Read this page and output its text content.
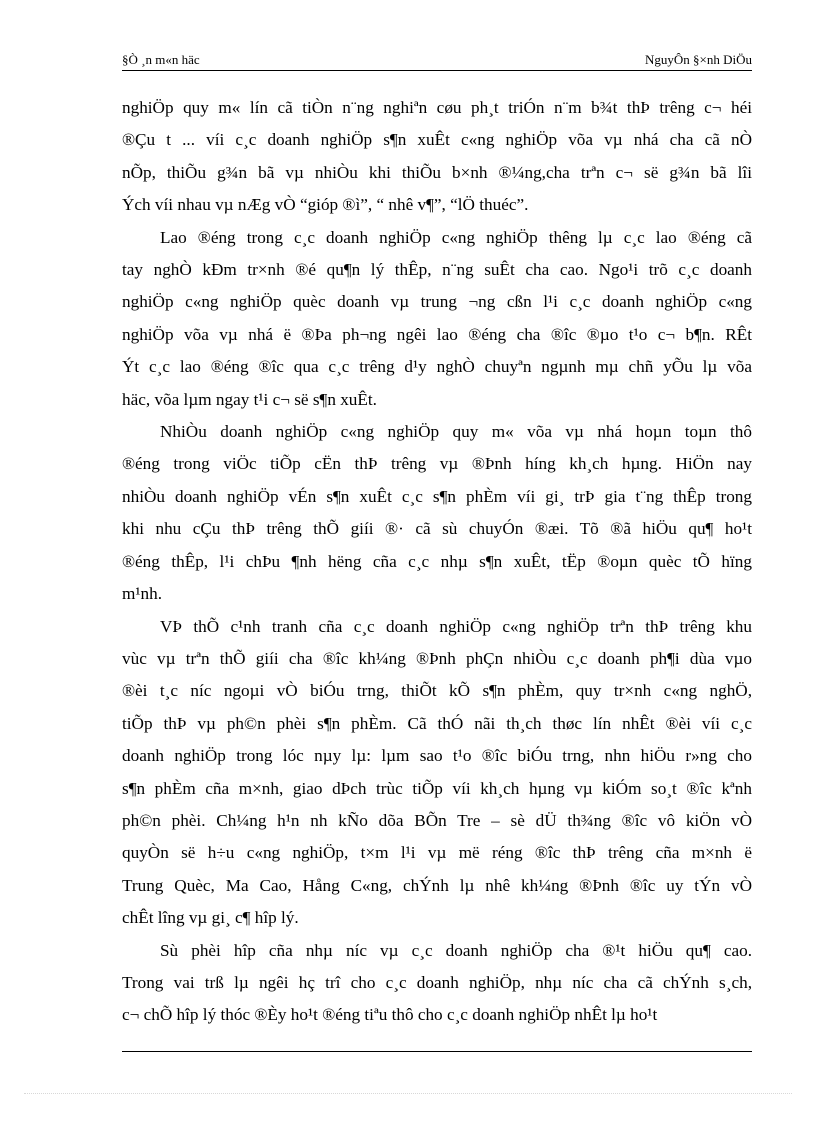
§Ò ¸n m«n häc	NguyÔn §×nh DiÖu
nghiÖp quy m« lín cã tiÒn n¨ng nghiªn cøu ph¸t triÓn n¨m b¾t thÞ trêng c¬ héi
®Çu t ... víi c¸c doanh nghiÖp s¶n xuÊt c«ng nghiÖp võa vµ nhá cha cã nÒ
nÕp, thiÕu g¾n bã vµ nhiÒu khi thiÕu b×nh ®¼ng,cha trªn c¬ së g¾n bã lîi
Ých víi nhau vµ nÆg vÒ “gióp ®ì”, “ nhê v¶”, “lÖ thuéc”.
Lao ®éng trong c¸c doanh nghiÖp c«ng nghiÖp thêng lµ c¸c lao ®éng cã
tay nghÒ kÐm tr×nh ®é qu¶n lý thÊp, n¨ng suÊt cha cao. Ngo¹i trõ c¸c doanh
nghiÖp c«ng nghiÖp quèc doanh vµ trung ¬ng cßn l¹i c¸c doanh nghiÖp c«ng
nghiÖp võa vµ nhá ë ®Þa ph¬ng ngêi lao ®éng cha ®îc ®µo t¹o c¬ b¶n. RÊt
Ýt c¸c lao ®éng ®îc qua c¸c trêng d¹y nghÒ chuyªn ngµnh mµ chñ yÕu lµ võa
häc, võa lµm ngay t¹i c¬ së s¶n xuÊt.
NhiÒu doanh nghiÖp c«ng nghiÖp quy m« võa vµ nhá hoµn toµn thô
®éng trong viÖc tiÕp cËn thÞ trêng vµ ®Þnh híng kh¸ch hµng. HiÖn nay
nhiÒu doanh nghiÖp vÉn s¶n xuÊt c¸c s¶n phÈm víi gi¸ trÞ gia t¨ng thÊp trong
khi nhu cÇu thÞ trêng thÕ giíi ®· cã sù chuyÓn ®æi. Tõ ®ã hiÖu qu¶ ho¹t
®éng thÊp, l¹i chÞu ¶nh hëng cña c¸c nhµ s¶n xuÊt, tËp ®oµn quèc tÕ hïng
m¹nh.
VÞ thÕ c¹nh tranh cña c¸c doanh nghiÖp c«ng nghiÖp trªn thÞ trêng khu
vùc vµ trªn thÕ giíi cha ®îc kh¼ng ®Þnh phÇn nhiÒu c¸c doanh ph¶i dùa vµo
®èi t¸c níc ngoµi vÒ biÓu trng, thiÕt kÕ s¶n phÈm, quy tr×nh c«ng nghÖ,
tiÕp thÞ vµ ph©n phèi s¶n phÈm. Cã thÓ nãi th¸ch thøc lín nhÊt ®èi víi c¸c
doanh nghiÖp trong lóc nµy lµ: lµm sao t¹o ®îc biÓu trng, nhn hiÖu r»ng cho
s¶n phÈm cña m×nh, giao dÞch trùc tiÕp víi kh¸ch hµng vµ kiÓm so¸t ®îc kªnh
ph©n phèi. Ch¼ng h¹n nh kÑo dõa BÕn Tre – sè dÜ th¾ng ®îc vô kiÖn vÒ
quyÒn së h÷u c«ng nghiÖp, t×m l¹i vµ më réng ®îc thÞ trêng cña m×nh ë
Trung Quèc, Ma Cao, Hång C«ng, chÝnh lµ nhê kh¼ng ®Þnh ®îc uy tÝn vÒ
chÊt lîng vµ gi¸ c¶ hîp lý.
Sù phèi hîp cña nhµ níc vµ c¸c doanh nghiÖp cha ®¹t hiÖu qu¶ cao.
Trong vai trß lµ ngêi hç trî cho c¸c doanh nghiÖp, nhµ níc cha cã chÝnh s¸ch,
c¬ chÕ hîp lý thóc ®Èy ho¹t ®éng tiªu thô cho c¸c doanh nghiÖp nhÊt lµ ho¹t
